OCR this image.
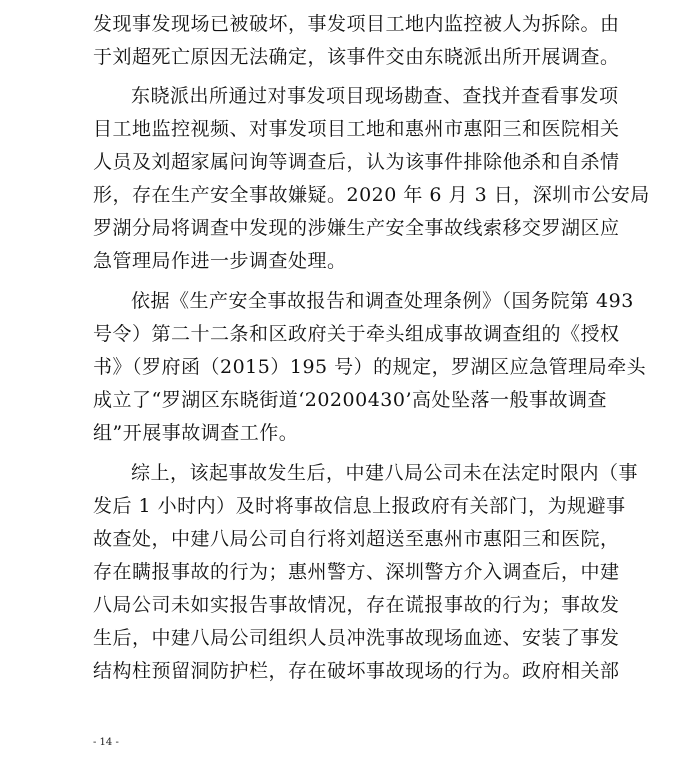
发现事发现场已被破坏，事发项目工地内监控被人为拆除。由
于刘超死亡原因无法确定，该事件交由东晓派出所开展调查。
东晓派出所通过对事发项目现场勘查、查找并查看事发项
目工地监控视频、对事发项目工地和惠州市惠阳三和医院相关
人员及刘超家属问询等调查后，认为该事件排除他杀和自杀情
形，存在生产安全事故嫌疑。2020 年 6 月 3 日，深圳市公安局
罗湖分局将调查中发现的涉嫌生产安全事故线索移交罗湖区应
急管理局作进一步调查处理。
依据《生产安全事故报告和调查处理条例》（国务院第 493
号令）第二十二条和区政府关于牵头组成事故调查组的《授权
书》（罗府函（2015）195 号）的规定，罗湖区应急管理局牵头
成立了“罗湖区东晓街道‘20200430’高处坠落一般事故调查
组”开展事故调查工作。
综上，该起事故发生后，中建八局公司未在法定时限内（事
发后 1 小时内）及时将事故信息上报政府有关部门，为规避事
故查处，中建八局公司自行将刘超送至惠州市惠阳三和医院，
存在瞒报事故的行为；惠州警方、深圳警方介入调查后，中建
八局公司未如实报告事故情况，存在谎报事故的行为；事故发
生后，中建八局公司组织人员冲洗事故现场血迹、安装了事发
结构柱预留洞防护栏，存在破坏事故现场的行为。政府相关部
- 14 -
